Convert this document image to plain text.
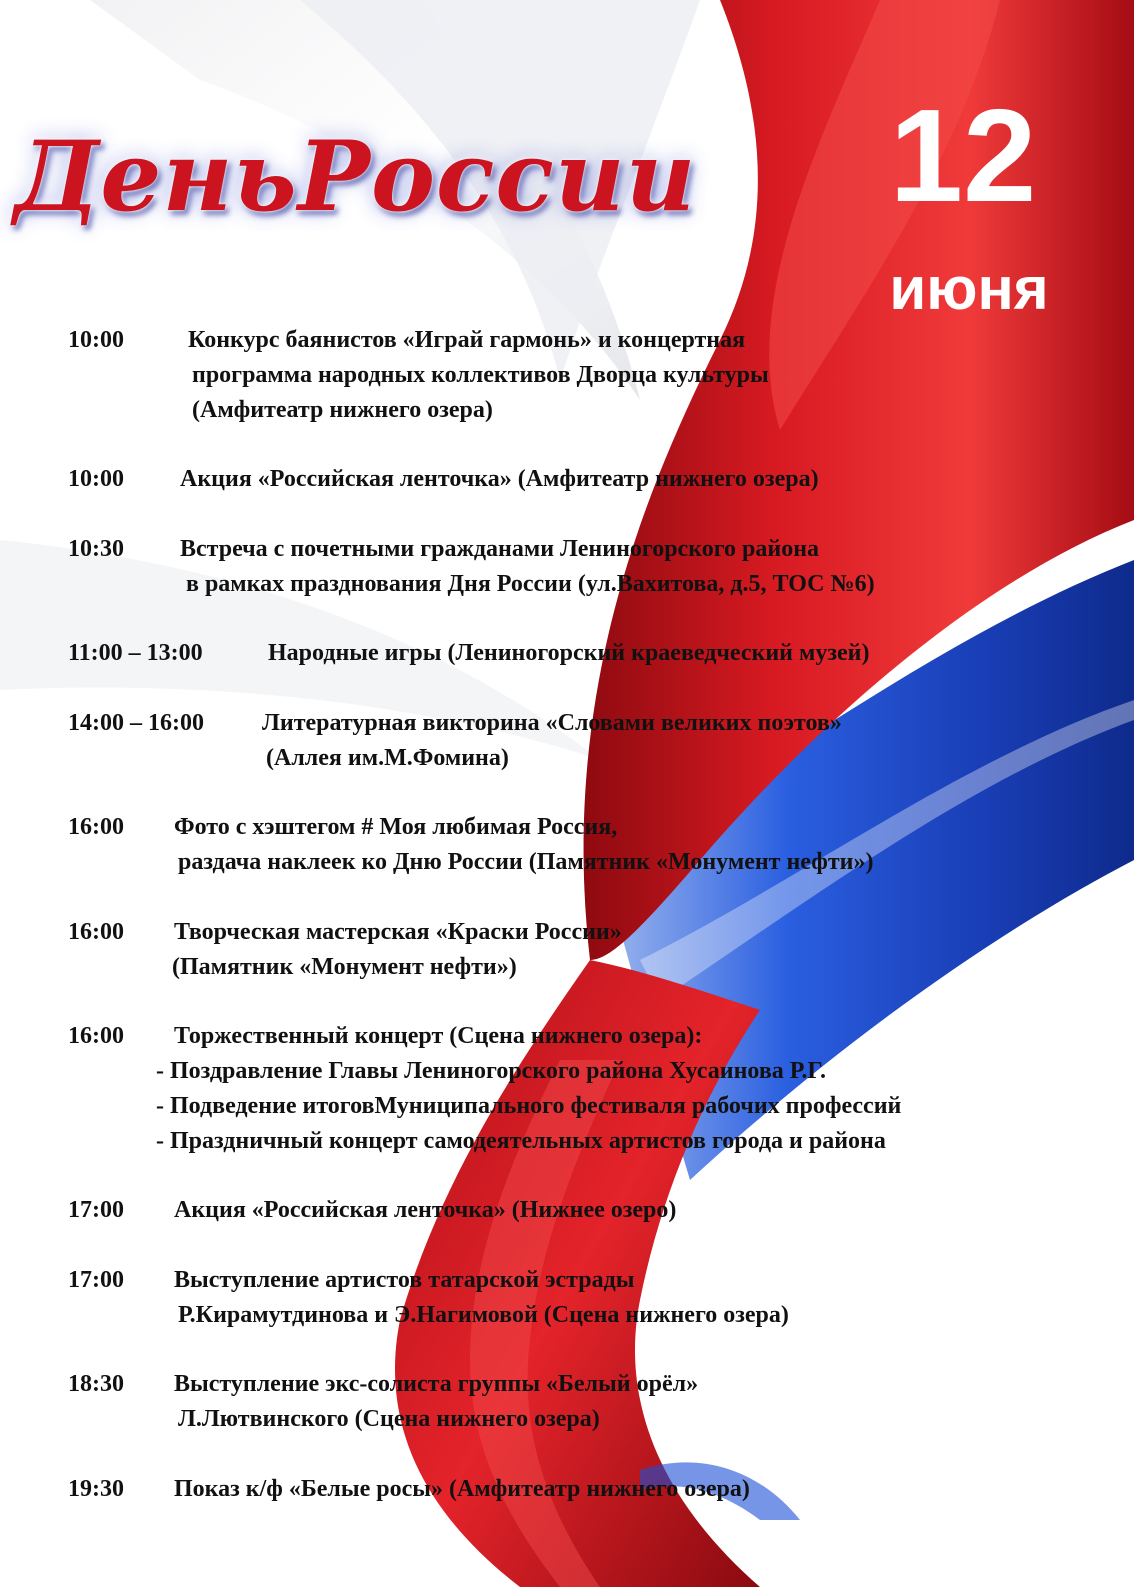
ДеньРоссии	12
июня
10:00	Конкурс баянистов «Играй гармонь» и концертная
программа народных коллективов Дворца культуры
(Амфитеатр нижнего озера)
10:00 Акция «Российская ленточка» (Амфитеатр нижнего озера)
10:30 Встреча с почетными гражданами Лениногорского района
в рамках празднования Дня России (ул.Вахитова, д.5, ТОС №6)
11:00 – 13:00	Народные игры (Лениногорский краеведческий музей)
14:00 – 16:00 Литературная викторина «Словами великих поэтов»
(Аллея им.М.Фомина)
16:00 Фото с хэштегом # Моя любимая Россия,
раздача наклеек ко Дню России (Памятник «Монумент нефти»)
16:00 Творческая мастерская «Краски России»
(Памятник «Монумент нефти»)
16:00 Торжественный концерт (Сцена нижнего озера):
- Поздравление Главы Лениногорского района Хусаинова Р.Г.
- Подведение итоговМуниципального фестиваля рабочих профессий
- Праздничный концерт самодеятельных артистов города и района
17:00 Акция «Российская ленточка» (Нижнее озеро)
17:00 Выступление артистов татарской эстрады
Р.Кирамутдинова и Э.Нагимовой (Сцена нижнего озера)
18:30 Выступление экс-солиста группы «Белый орёл»
Л.Лютвинского (Сцена нижнего озера)
19:30 Показ к/ф «Белые росы» (Амфитеатр нижнего озера)
